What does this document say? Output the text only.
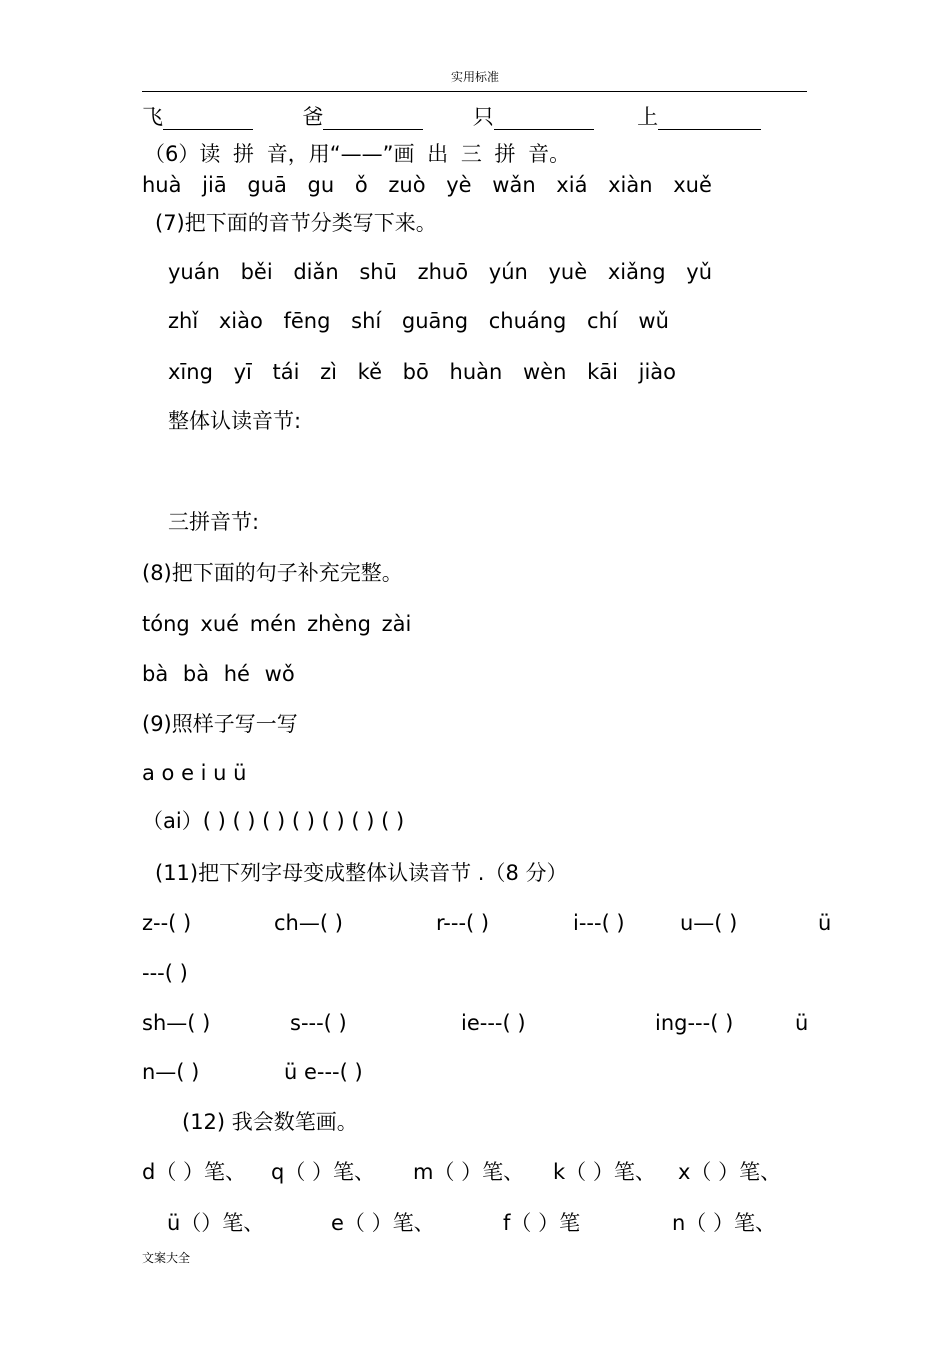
实用标准
飞	爸	只	上
（6）读 拼 音，用“——”画 出 三 拼 音。
huà jiā guā gu ǒ zuò yè wǎn xiá xiàn xuě
(7)把下面的音节分类写下来。
yuán běi diǎn shū zhuō yún yuè xiǎng yǔ
zhǐ xiào fēng shí guāng chuáng chí wǔ
xīng yī tái zì kě bō huàn wèn kāi jiào
整体认读音节:
三拼音节:
(8)把下面的句子补充完整。
tóng xué mén zhèng zài
bà bà hé wǒ
(9)照样子写一写
a o e i u ü
（ai）( ) ( ) ( ) ( ) ( ) ( ) ( )
(11)把下列字母变成整体认读音节 .（8 分）
z--( )	ch—( )	r---( )	i---( )	u—( )	ü
---( )
sh—( )	s---( )	ie---( )	ing---( )	ü
n—( )	ü e---( )
(12) 我会数笔画。
d（ ）笔、 q（ ）笔、 m（ ）笔、 k（ ）笔、 x（ ）笔、
ü（）笔、	e（ ）笔、	f（ ）笔	n（ ）笔、
文案大全
